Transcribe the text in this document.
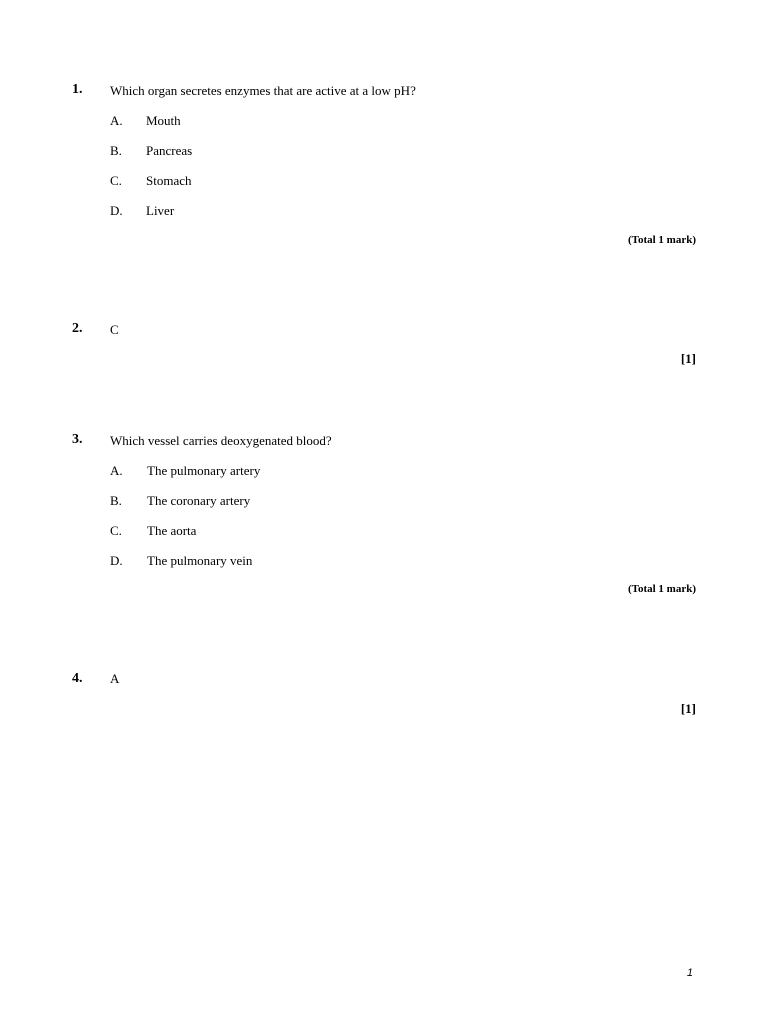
1. Which organ secretes enzymes that are active at a low pH?
A. Mouth
B. Pancreas
C. Stomach
D. Liver
(Total 1 mark)
2. C
[1]
3. Which vessel carries deoxygenated blood?
A. The pulmonary artery
B. The coronary artery
C. The aorta
D. The pulmonary vein
(Total 1 mark)
4. A
[1]
1
